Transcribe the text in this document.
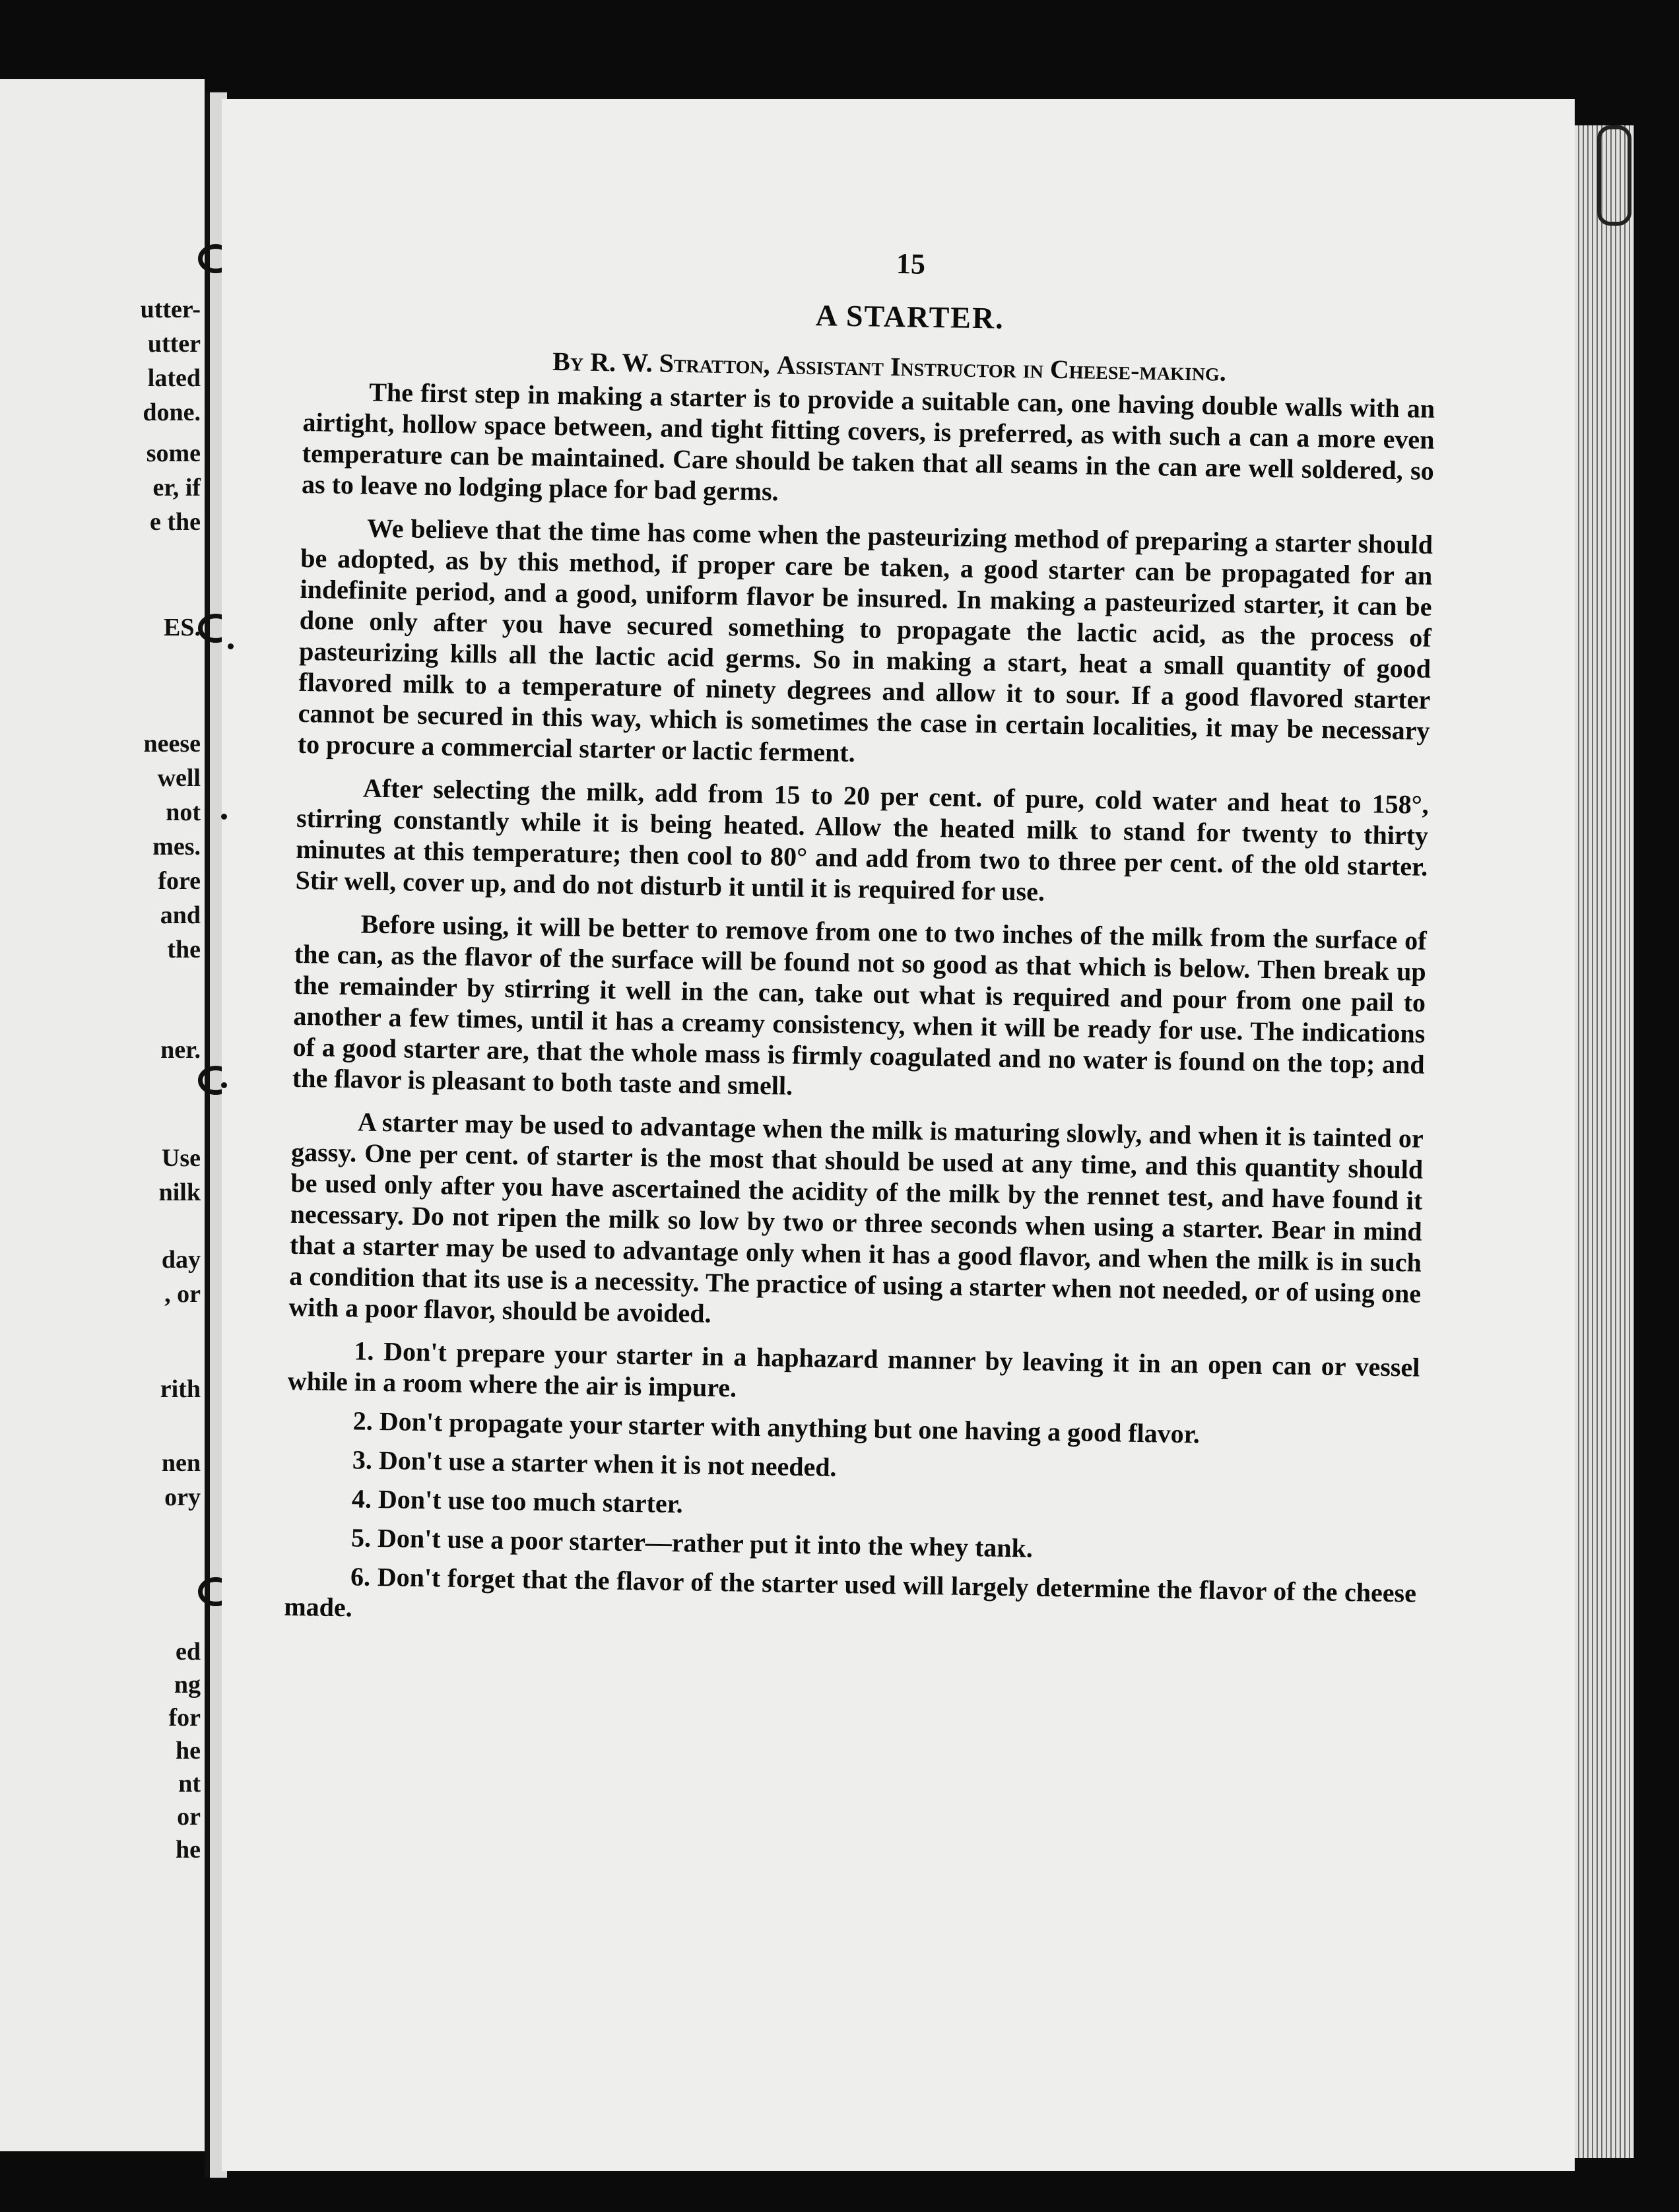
utter-
utter
lated
done.
some
er, if
e the
ES.
neese
well
not
mes.
fore
and
the
ner.
Use
nilk
day
, or
rith
nen
ory
ed
ng
for
he
nt
or
he
15
A STARTER.
By R. W. Stratton, Assistant Instructor in Cheese-making.

The first step in making a starter is to provide a suitable can, one having double walls with an airtight, hollow space between, and tight fitting covers, is preferred, as with such a can a more even temperature can be maintained. Care should be taken that all seams in the can are well soldered, so as to leave no lodging place for bad germs.

We believe that the time has come when the pasteurizing method of preparing a starter should be adopted, as by this method, if proper care be taken, a good starter can be propagated for an indefinite period, and a good, uniform flavor be insured. In making a pasteurized starter, it can be done only after you have secured something to propagate the lactic acid, as the process of pasteurizing kills all the lactic acid germs. So in making a start, heat a small quantity of good flavored milk to a temperature of ninety degrees and allow it to sour. If a good flavored starter cannot be secured in this way, which is sometimes the case in certain localities, it may be necessary to procure a commercial starter or lactic ferment.

After selecting the milk, add from 15 to 20 per cent. of pure, cold water and heat to 158°, stirring constantly while it is being heated. Allow the heated milk to stand for twenty to thirty minutes at this temperature; then cool to 80° and add from two to three per cent. of the old starter. Stir well, cover up, and do not disturb it until it is required for use.

Before using, it will be better to remove from one to two inches of the milk from the surface of the can, as the flavor of the surface will be found not so good as that which is below. Then break up the remainder by stirring it well in the can, take out what is required and pour from one pail to another a few times, until it has a creamy consistency, when it will be ready for use. The indications of a good starter are, that the whole mass is firmly coagulated and no water is found on the top; and the flavor is pleasant to both taste and smell.

A starter may be used to advantage when the milk is maturing slowly, and when it is tainted or gassy. One per cent. of starter is the most that should be used at any time, and this quantity should be used only after you have ascertained the acidity of the milk by the rennet test, and have found it necessary. Do not ripen the milk so low by two or three seconds when using a starter. Bear in mind that a starter may be used to advantage only when it has a good flavor, and when the milk is in such a condition that its use is a necessity. The practice of using a starter when not needed, or of using one with a poor flavor, should be avoided.

1. Don't prepare your starter in a haphazard manner by leaving it in an open can or vessel while in a room where the air is impure.

2. Don't propagate your starter with anything but one having a good flavor.

3. Don't use a starter when it is not needed.

4. Don't use too much starter.

5. Don't use a poor starter—rather put it into the whey tank.

6. Don't forget that the flavor of the starter used will largely determine the flavor of the cheese made.
